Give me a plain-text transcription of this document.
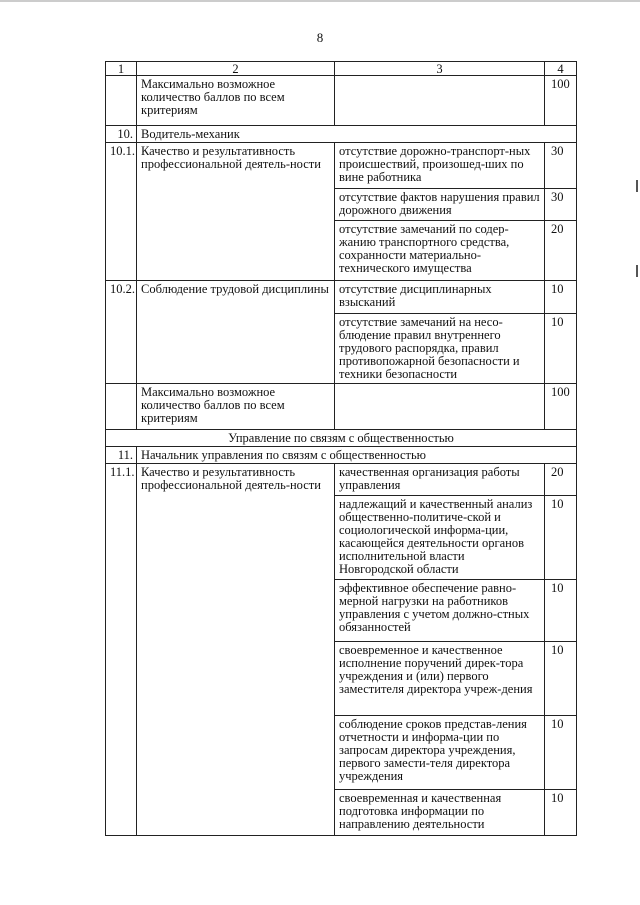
8
1	2	3	4
	Максимально возможное количество баллов по всем критериям		100
10.	Водитель-механик		
10.1.	Качество и результативность профессиональной деятель-ности	отсутствие дорожно-транспорт-ных происшествий, произошед-ших по вине работника	30
		отсутствие фактов нарушения правил дорожного движения	30
		отсутствие замечаний по содер-жанию транспортного средства, сохранности материально-технического имущества	20
10.2.	Соблюдение трудовой дисциплины	отсутствие дисциплинарных взысканий	10
		отсутствие замечаний на несо-блюдение правил внутреннего трудового распорядка, правил противопожарной безопасности и техники безопасности	10
	Максимально возможное количество баллов по всем критериям		100
Управление по связям с общественностью			
11.	Начальник управления по связям с общественностью		
11.1.	Качество и результативность профессиональной деятель-ности	качественная организация работы управления	20
		надлежащий и качественный анализ общественно-политиче-ской и социологической информа-ции, касающейся деятельности органов исполнительной власти Новгородской области	10
		эффективное обеспечение равно-мерной нагрузки на работников управления с учетом должно-стных обязанностей	10
		своевременное и качественное исполнение поручений дирек-тора учреждения и (или) первого заместителя директора учреж-дения	10
		соблюдение сроков представ-ления отчетности и информа-ции по запросам директора учреждения, первого замести-теля директора учреждения	10
		своевременная и качественная подготовка информации по направлению деятельности	10
